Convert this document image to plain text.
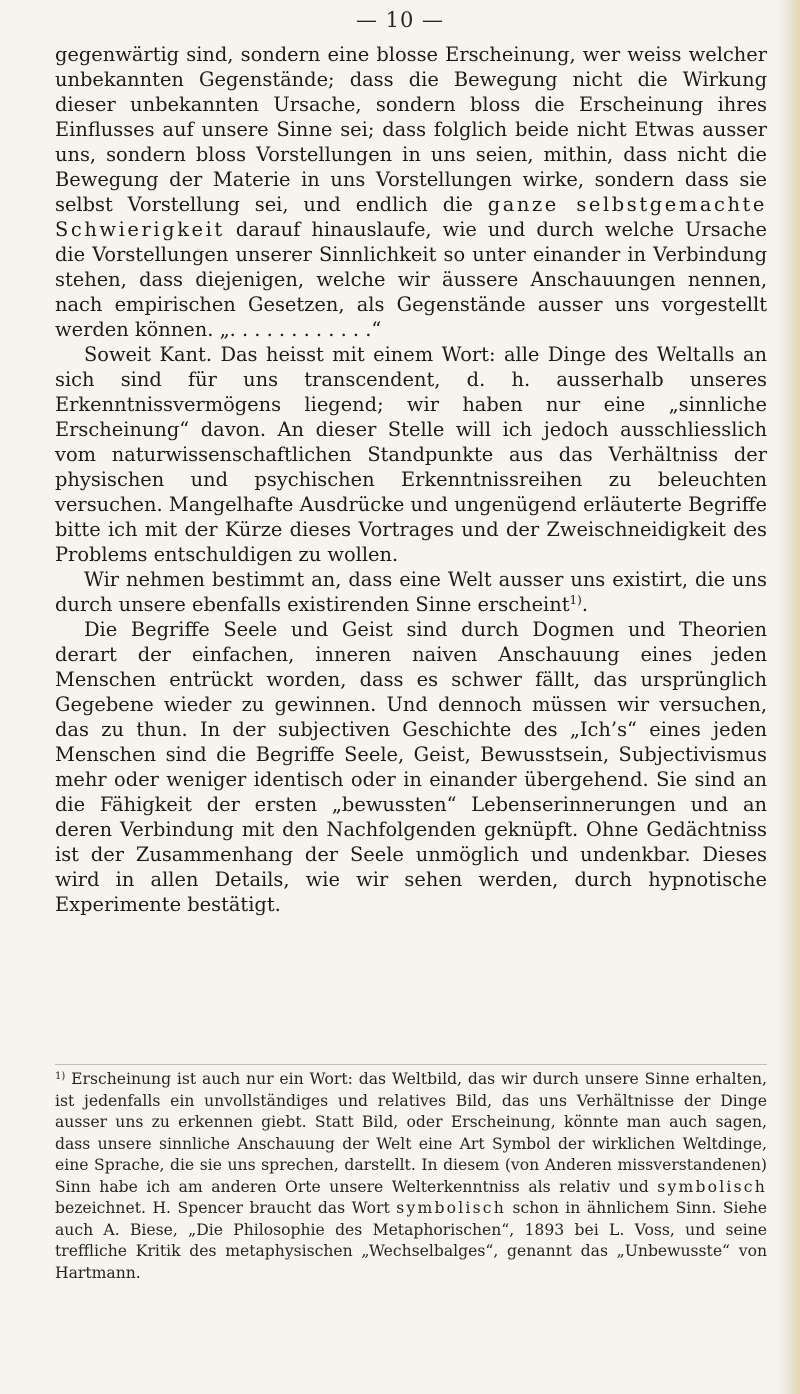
— 10 —

gegenwärtig sind, sondern eine blosse Erscheinung, wer weiss welcher unbekannten Gegenstände; dass die Bewegung nicht die Wirkung dieser unbekannten Ursache, sondern bloss die Erscheinung ihres Einflusses auf unsere Sinne sei; dass folglich beide nicht Etwas ausser uns, sondern bloss Vorstellungen in uns seien, mithin, dass nicht die Bewegung der Materie in uns Vorstellungen wirke, sondern dass sie selbst Vorstellung sei, und endlich die ganze selbstgemachte Schwierigkeit darauf hinauslaufe, wie und durch welche Ursache die Vorstellungen unserer Sinnlichkeit so unter einander in Verbindung stehen, dass diejenigen, welche wir äussere Anschauungen nennen, nach empirischen Gesetzen, als Gegenstände ausser uns vorgestellt werden können. „. . . . . . . . . . . .“

Soweit Kant. Das heisst mit einem Wort: alle Dinge des Weltalls an sich sind für uns transcendent, d. h. ausserhalb unseres Erkenntnissvermögens liegend; wir haben nur eine „sinnliche Erscheinung“ davon. An dieser Stelle will ich jedoch ausschliesslich vom naturwissenschaftlichen Standpunkte aus das Verhältniss der physischen und psychischen Erkenntnissreihen zu beleuchten versuchen. Mangelhafte Ausdrücke und ungenügend erläuterte Begriffe bitte ich mit der Kürze dieses Vortrages und der Zweischneidigkeit des Problems entschuldigen zu wollen.

Wir nehmen bestimmt an, dass eine Welt ausser uns existirt, die uns durch unsere ebenfalls existirenden Sinne erscheint$^{1)}$.

Die Begriffe Seele und Geist sind durch Dogmen und Theorien derart der einfachen, inneren naiven Anschauung eines jeden Menschen entrückt worden, dass es schwer fällt, das ursprünglich Gegebene wieder zu gewinnen. Und dennoch müssen wir versuchen, das zu thun. In der subjectiven Geschichte des „Ich’s“ eines jeden Menschen sind die Begriffe Seele, Geist, Bewusstsein, Subjectivismus mehr oder weniger identisch oder in einander übergehend. Sie sind an die Fähigkeit der ersten „bewussten“ Lebenserinnerungen und an deren Verbindung mit den Nachfolgenden geknüpft. Ohne Gedächtniss ist der Zusammenhang der Seele unmöglich und undenkbar. Dieses wird in allen Details, wie wir sehen werden, durch hypnotische Experimente bestätigt.

$^{1)}$ Erscheinung ist auch nur ein Wort: das Weltbild, das wir durch unsere Sinne erhalten, ist jedenfalls ein unvollständiges und relatives Bild, das uns Verhältnisse der Dinge ausser uns zu erkennen giebt. Statt Bild, oder Erscheinung, könnte man auch sagen, dass unsere sinnliche Anschauung der Welt eine Art Symbol der wirklichen Weltdinge, eine Sprache, die sie uns sprechen, darstellt. In diesem (von Anderen missverstandenen) Sinn habe ich am anderen Orte unsere Welterkenntniss als relativ und symbolisch bezeichnet. H. Spencer braucht das Wort symbolisch schon in ähnlichem Sinn. Siehe auch A. Biese, „Die Philosophie des Metaphorischen“, 1893 bei L. Voss, und seine treffliche Kritik des metaphysischen „Wechselbalges“, genannt das „Unbewusste“ von Hartmann.
